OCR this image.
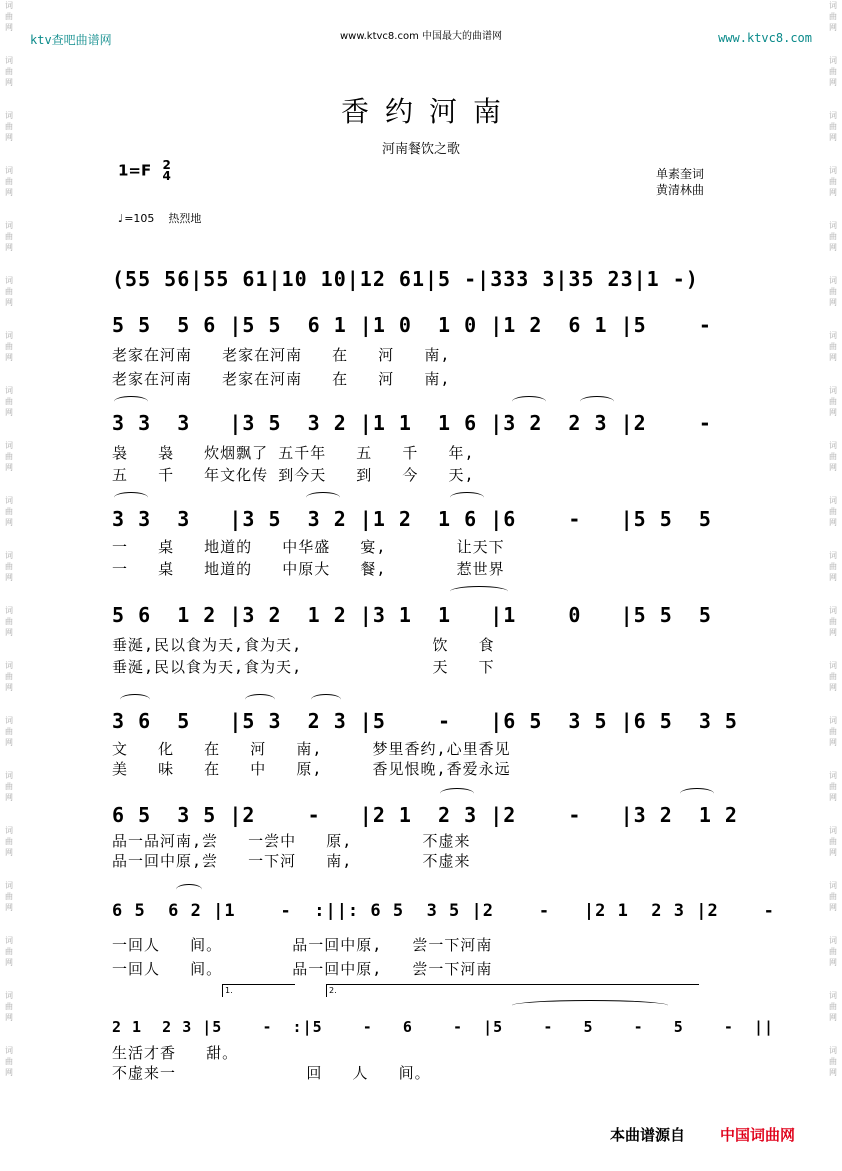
词
曲
网

词
曲
网

词
曲
网

词
曲
网

词
曲
网

词
曲
网

词
曲
网

词
曲
网

词
曲
网

词
曲
网

词
曲
网

词
曲
网

词
曲
网

词
曲
网

词
曲
网

词
曲
网

词
曲
网

词
曲
网

词
曲
网

词
曲
网
词
曲
网

词
曲
网

词
曲
网

词
曲
网

词
曲
网

词
曲
网

词
曲
网

词
曲
网

词
曲
网

词
曲
网

词
曲
网

词
曲
网

词
曲
网

词
曲
网

词
曲
网

词
曲
网

词
曲
网

词
曲
网

词
曲
网

词
曲
网
ktv查吧曲谱网	www.ktvc8.com 中国最大的曲谱网	www.ktvc8.com
香约河南
河南餐饮之歌
1=F 2
4	单素奎词
黄清林曲
♩=105 热烈地
(55 56|55 61|10 10|12 61|5 -|333 3|35 23|1 -)
5 5  5 6 |5 5  6 1 |1 0  1 0 |1 2  6 1 |5    -
老家在河南   老家在河南   在   河   南,
老家在河南   老家在河南   在   河   南,
3 3  3   |3 5  3 2 |1 1  1 6 |3 2  2 3 |2    -
袅   袅   炊烟飘了 五千年   五   千   年,
五   千   年文化传 到今天   到   今   天,
3 3  3   |3 5  3 2 |1 2  1 6 |6    -   |5 5  5
一   桌   地道的   中华盛   宴,       让天下
一   桌   地道的   中原大   餐,       惹世界
5 6  1 2 |3 2  1 2 |3 1  1   |1    0   |5 5  5
垂涎,民以食为天,食为天,             饮   食
垂涎,民以食为天,食为天,             天   下
3 6  5   |5 3  2 3 |5    -   |6 5  3 5 |6 5  3 5
文   化   在   河   南,     梦里香约,心里香见
美   味   在   中   原,     香见恨晚,香爱永远
6 5  3 5 |2    -   |2 1  2 3 |2    -   |3 2  1 2
品一品河南,尝   一尝中   原,       不虚来
品一回中原,尝   一下河   南,       不虚来
6 5  6 2 |1    -  :||: 6 5  3 5 |2    -   |2 1  2 3 |2    -
一回人   间。       品一回中原,   尝一下河南
一回人   间。       品一回中原,   尝一下河南
1.	2.
2 1  2 3 |5    -  :|5    -   6    -  |5    -   5    -   5    -  ||
生活才香   甜。
不虚来一             回   人   间。
本曲谱源自 中国词曲网
